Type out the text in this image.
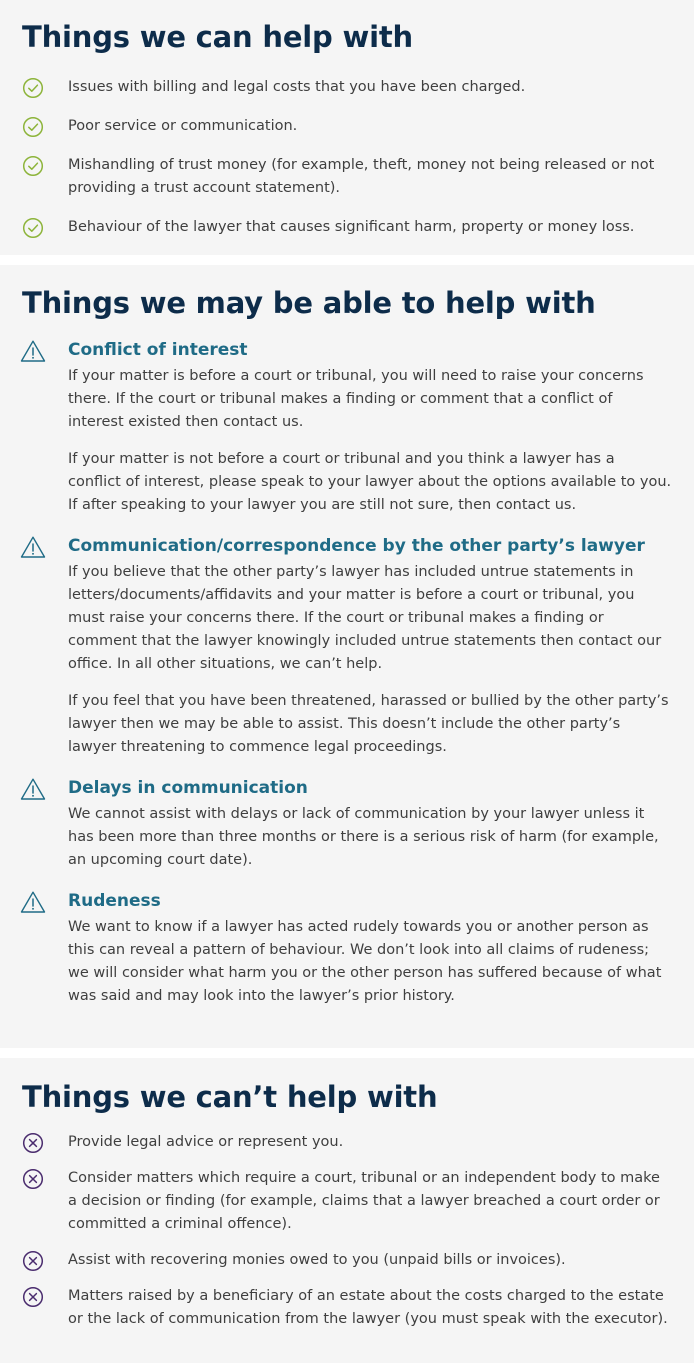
Things we can help with
Issues with billing and legal costs that you have been charged.
Poor service or communication.
Mishandling of trust money (for example, theft, money not being released or not providing a trust account statement).
Behaviour of the lawyer that causes significant harm, property or money loss.
Things we may be able to help with
Conflict of interest

If your matter is before a court or tribunal, you will need to raise your concerns there. If the court or tribunal makes a finding or comment that a conflict of interest existed then contact us.

If your matter is not before a court or tribunal and you think a lawyer has a conflict of interest, please speak to your lawyer about the options available to you. If after speaking to your lawyer you are still not sure, then contact us.

Communication/correspondence by the other party’s lawyer

If you believe that the other party’s lawyer has included untrue statements in letters/documents/affidavits and your matter is before a court or tribunal, you must raise your concerns there. If the court or tribunal makes a finding or comment that the lawyer knowingly included untrue statements then contact our office. In all other situations, we can’t help.

If you feel that you have been threatened, harassed or bullied by the other party’s lawyer then we may be able to assist. This doesn’t include the other party’s lawyer threatening to commence legal proceedings.

Delays in communication

We cannot assist with delays or lack of communication by your lawyer unless it has been more than three months or there is a serious risk of harm (for example, an upcoming court date).

Rudeness

We want to know if a lawyer has acted rudely towards you or another person as this can reveal a pattern of behaviour. We don’t look into all claims of rudeness; we will consider what harm you or the other person has suffered because of what was said and may look into the lawyer’s prior history.

Things we can’t help with
Provide legal advice or represent you.
Consider matters which require a court, tribunal or an independent body to make a decision or finding (for example, claims that a lawyer breached a court order or committed a criminal offence).
Assist with recovering monies owed to you (unpaid bills or invoices).
Matters raised by a beneficiary of an estate about the costs charged to the estate or the lack of communication from the lawyer (you must speak with the executor).
